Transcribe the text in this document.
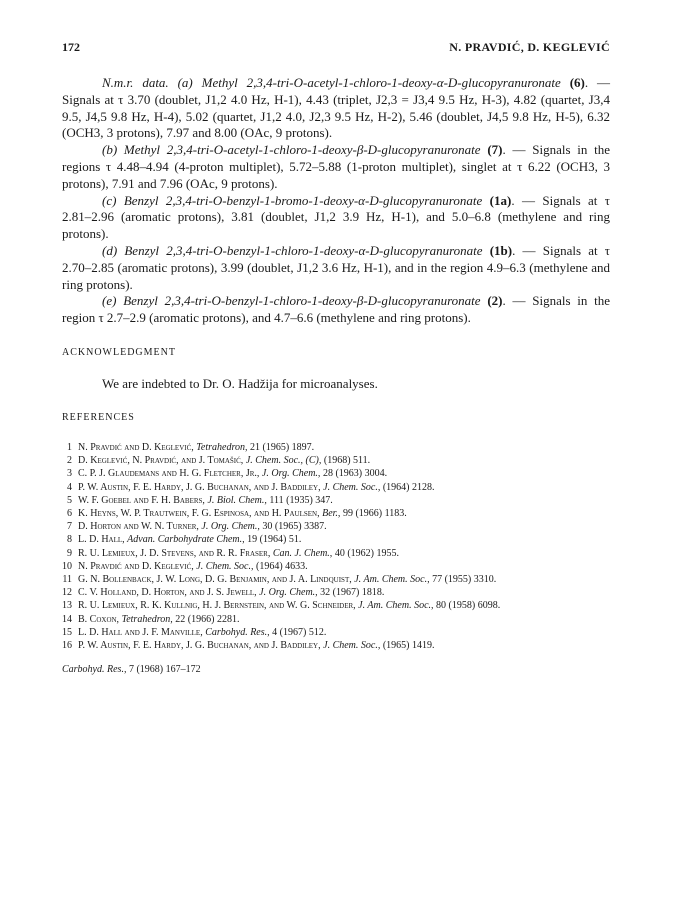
172	N. PRAVDIĆ, D. KEGLEVIĆ

N.m.r. data. (a) Methyl 2,3,4-tri-O-acetyl-1-chloro-1-deoxy-α-D-glucopyranuronate (6). — Signals at τ 3.70 (doublet, J1,2 4.0 Hz, H-1), 4.43 (triplet, J2,3 = J3,4 9.5 Hz, H-3), 4.82 (quartet, J3,4 9.5, J4,5 9.8 Hz, H-4), 5.02 (quartet, J1,2 4.0, J2,3 9.5 Hz, H-2), 5.46 (doublet, J4,5 9.8 Hz, H-5), 6.32 (OCH3, 3 protons), 7.97 and 8.00 (OAc, 9 protons).

(b) Methyl 2,3,4-tri-O-acetyl-1-chloro-1-deoxy-β-D-glucopyranuronate (7). — Signals in the regions τ 4.48–4.94 (4-proton multiplet), 5.72–5.88 (1-proton multiplet), singlet at τ 6.22 (OCH3, 3 protons), 7.91 and 7.96 (OAc, 9 protons).

(c) Benzyl 2,3,4-tri-O-benzyl-1-bromo-1-deoxy-α-D-glucopyranuronate (1a). — Signals at τ 2.81–2.96 (aromatic protons), 3.81 (doublet, J1,2 3.9 Hz, H-1), and 5.0–6.8 (methylene and ring protons).

(d) Benzyl 2,3,4-tri-O-benzyl-1-chloro-1-deoxy-α-D-glucopyranuronate (1b). — Signals at τ 2.70–2.85 (aromatic protons), 3.99 (doublet, J1,2 3.6 Hz, H-1), and in the region 4.9–6.3 (methylene and ring protons).

(e) Benzyl 2,3,4-tri-O-benzyl-1-chloro-1-deoxy-β-D-glucopyranuronate (2). — Signals in the region τ 2.7–2.9 (aromatic protons), and 4.7–6.6 (methylene and ring protons).

ACKNOWLEDGMENT

We are indebted to Dr. O. Hadžija for microanalyses.

REFERENCES
1 N. Pravdić and D. Keglević, Tetrahedron, 21 (1965) 1897.
2 D. Keglević, N. Pravdić, and J. Tomašić, J. Chem. Soc., (C), (1968) 511.
3 C. P. J. Glaudemans and H. G. Fletcher, Jr., J. Org. Chem., 28 (1963) 3004.
4 P. W. Austin, F. E. Hardy, J. G. Buchanan, and J. Baddiley, J. Chem. Soc., (1964) 2128.
5 W. F. Goebel and F. H. Babers, J. Biol. Chem., 111 (1935) 347.
6 K. Heyns, W. P. Trautwein, F. G. Espinosa, and H. Paulsen, Ber., 99 (1966) 1183.
7 D. Horton and W. N. Turner, J. Org. Chem., 30 (1965) 3387.
8 L. D. Hall, Advan. Carbohydrate Chem., 19 (1964) 51.
9 R. U. Lemieux, J. D. Stevens, and R. R. Fraser, Can. J. Chem., 40 (1962) 1955.
10 N. Pravdić and D. Keglević, J. Chem. Soc., (1964) 4633.
11 G. N. Bollenback, J. W. Long, D. G. Benjamin, and J. A. Lindquist, J. Am. Chem. Soc., 77 (1955) 3310.
12 C. V. Holland, D. Horton, and J. S. Jewell, J. Org. Chem., 32 (1967) 1818.
13 R. U. Lemieux, R. K. Kullnig, H. J. Bernstein, and W. G. Schneider, J. Am. Chem. Soc., 80 (1958) 6098.
14 B. Coxon, Tetrahedron, 22 (1966) 2281.
15 L. D. Hall and J. F. Manville, Carbohyd. Res., 4 (1967) 512.
16 P. W. Austin, F. E. Hardy, J. G. Buchanan, and J. Baddiley, J. Chem. Soc., (1965) 1419.
Carbohyd. Res., 7 (1968) 167–172
